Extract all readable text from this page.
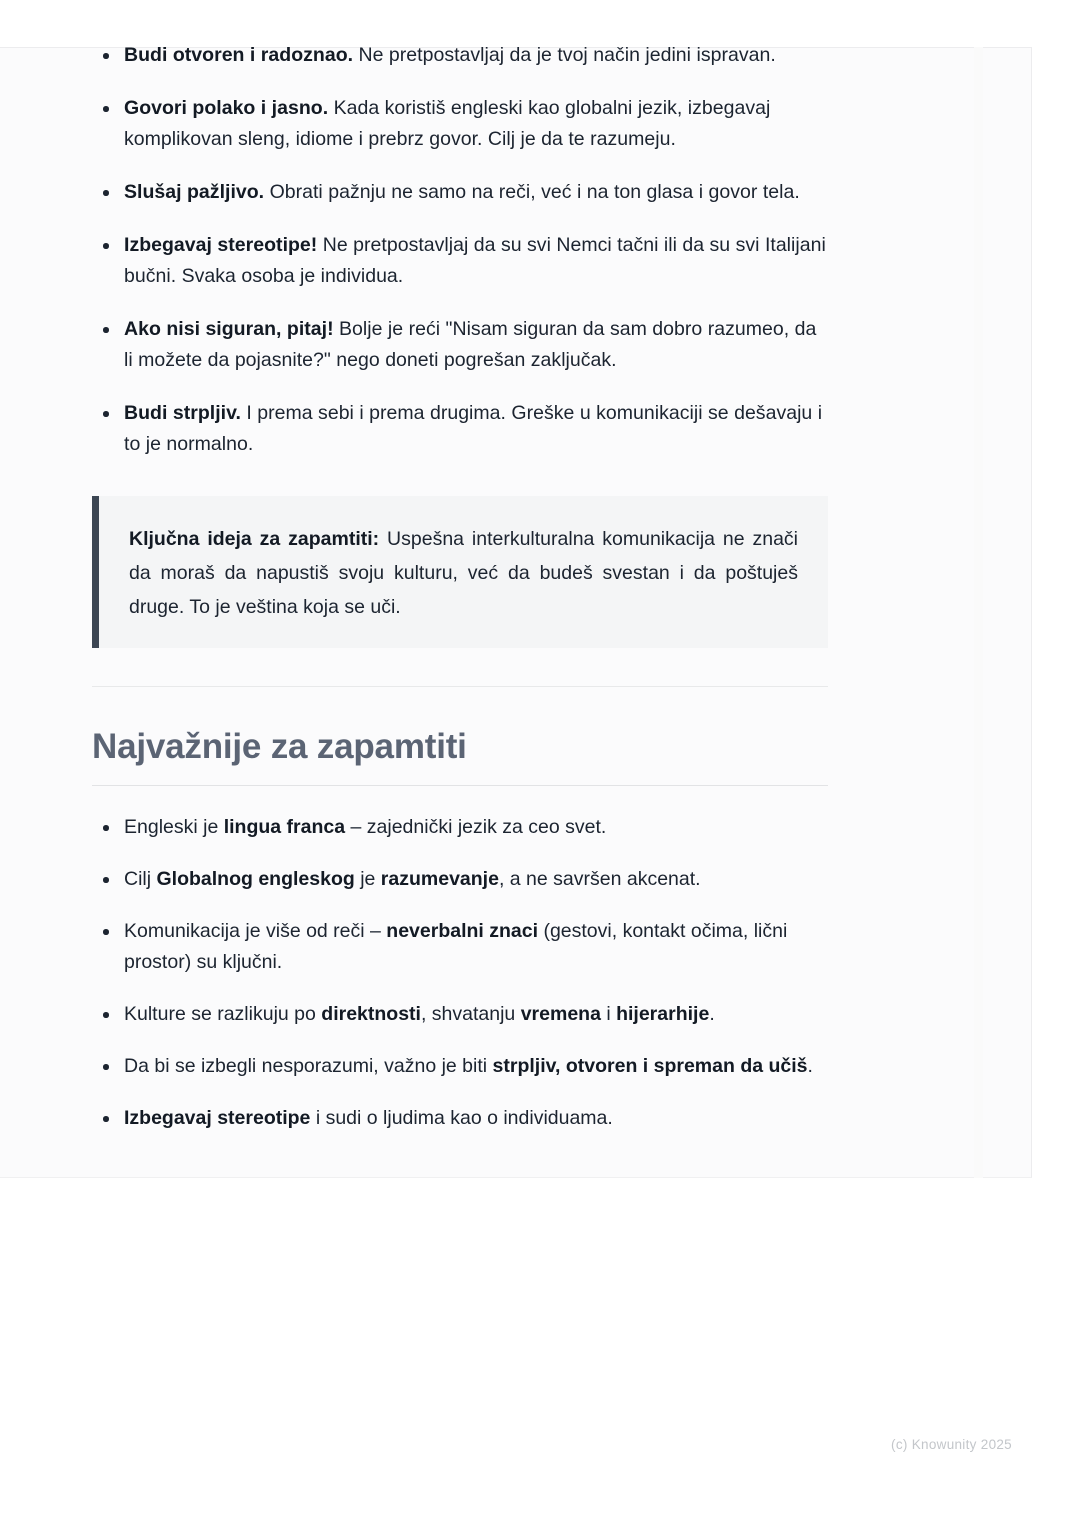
Budi otvoren i radoznao. Ne pretpostavljaj da je tvoj način jedini ispravan.
Govori polako i jasno. Kada koristiš engleski kao globalni jezik, izbegavaj komplikovan sleng, idiome i prebrz govor. Cilj je da te razumeju.
Slušaj pažljivo. Obrati pažnju ne samo na reči, već i na ton glasa i govor tela.
Izbegavaj stereotipe! Ne pretpostavljaj da su svi Nemci tačni ili da su svi Italijani bučni. Svaka osoba je individua.
Ako nisi siguran, pitaj! Bolje je reći "Nisam siguran da sam dobro razumeo, da li možete da pojasnite?" nego doneti pogrešan zaključak.
Budi strpljiv. I prema sebi i prema drugima. Greške u komunikaciji se dešavaju i to je normalno.

Ključna ideja za zapamtiti: Uspešna interkulturalna komunikacija ne znači da moraš da napustiš svoju kulturu, već da budeš svestan i da poštuješ druge. To je veština koja se uči.

Najvažnije za zapamtiti
Engleski je lingua franca – zajednički jezik za ceo svet.
Cilj Globalnog engleskog je razumevanje, a ne savršen akcenat.
Komunikacija je više od reči – neverbalni znaci (gestovi, kontakt očima, lični prostor) su ključni.
Kulture se razlikuju po direktnosti, shvatanju vremena i hijerarhije.
Da bi se izbegli nesporazumi, važno je biti strpljiv, otvoren i spreman da učiš.
Izbegavaj stereotipe i sudi o ljudima kao o individuama.
(c) Knowunity 2025
